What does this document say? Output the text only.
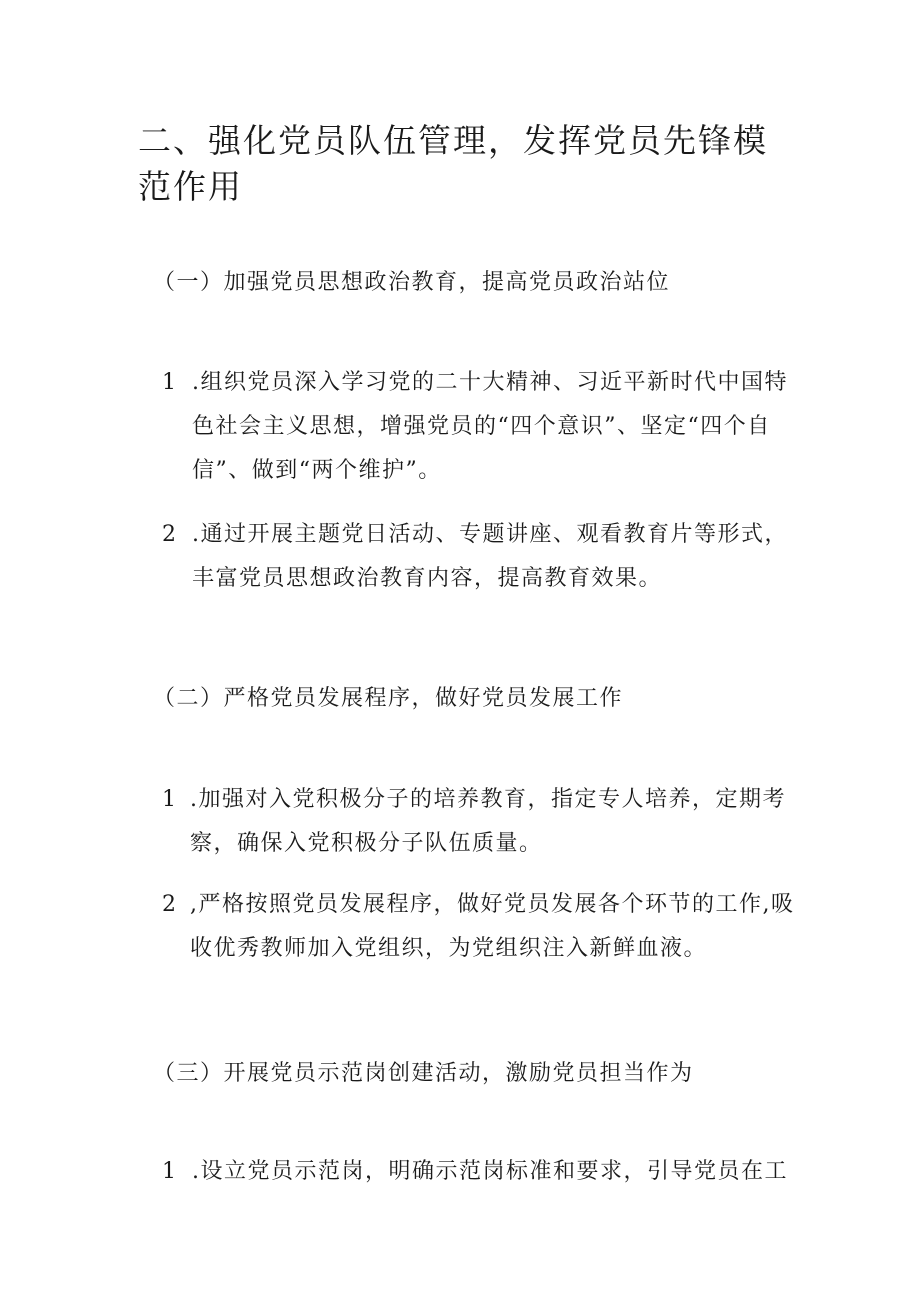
二、强化党员队伍管理，发挥党员先锋模范作用
（一）加强党员思想政治教育，提高党员政治站位
1 .组织党员深入学习党的二十大精神、习近平新时代中国特色社会主义思想，增强党员的“四个意识”、坚定“四个自信”、做到“两个维护”。
2 .通过开展主题党日活动、专题讲座、观看教育片等形式，丰富党员思想政治教育内容，提高教育效果。
（二）严格党员发展程序，做好党员发展工作
1 .加强对入党积极分子的培养教育，指定专人培养，定期考察，确保入党积极分子队伍质量。
2 ,严格按照党员发展程序，做好党员发展各个环节的工作,吸收优秀教师加入党组织，为党组织注入新鲜血液。
（三）开展党员示范岗创建活动，激励党员担当作为
1 .设立党员示范岗，明确示范岗标准和要求，引导党员在工
